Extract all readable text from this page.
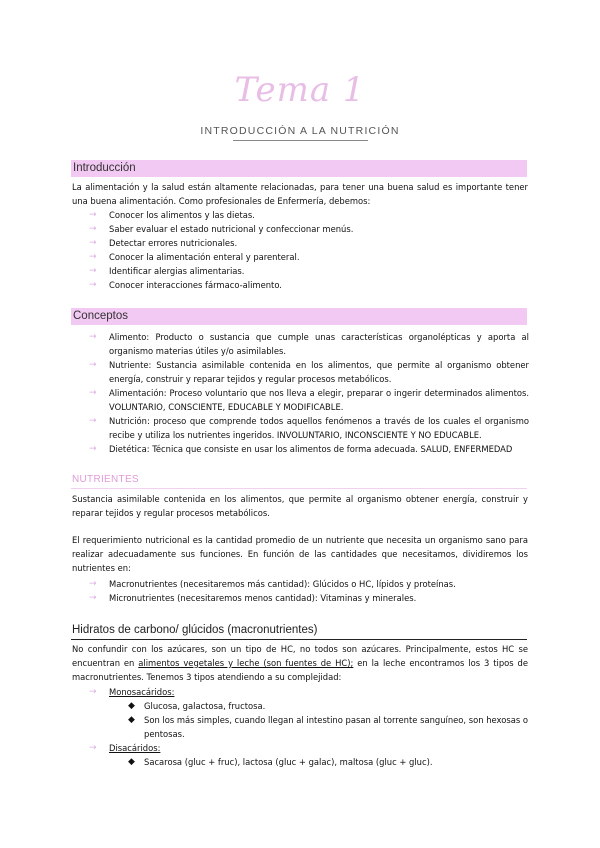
Tema 1
INTRODUCCIÓN A LA NUTRICIÓN
Introducción
La alimentación y la salud están altamente relacionadas, para tener una buena salud es importante tener una buena alimentación. Como profesionales de Enfermería, debemos:
→ Conocer los alimentos y las dietas.
→ Saber evaluar el estado nutricional y confeccionar menús.
→ Detectar errores nutricionales.
→ Conocer la alimentación enteral y parenteral.
→ Identificar alergias alimentarias.
→ Conocer interacciones fármaco-alimento.
Conceptos
→ Alimento: Producto o sustancia que cumple unas características organolépticas y aporta al organismo materias útiles y/o asimilables.
→ Nutriente: Sustancia asimilable contenida en los alimentos, que permite al organismo obtener energía, construir y reparar tejidos y regular procesos metabólicos.
→ Alimentación: Proceso voluntario que nos lleva a elegir, preparar o ingerir determinados alimentos. VOLUNTARIO, CONSCIENTE, EDUCABLE Y MODIFICABLE.
→ Nutrición: proceso que comprende todos aquellos fenómenos a través de los cuales el organismo recibe y utiliza los nutrientes ingeridos. INVOLUNTARIO, INCONSCIENTE Y NO EDUCABLE.
→ Dietética: Técnica que consiste en usar los alimentos de forma adecuada. SALUD, ENFERMEDAD
NUTRIENTES
Sustancia asimilable contenida en los alimentos, que permite al organismo obtener energía, construir y reparar tejidos y regular procesos metabólicos.
El requerimiento nutricional es la cantidad promedio de un nutriente que necesita un organismo sano para realizar adecuadamente sus funciones. En función de las cantidades que necesitamos, dividiremos los nutrientes en:
→ Macronutrientes (necesitaremos más cantidad): Glúcidos o HC, lípidos y proteínas.
→ Micronutrientes (necesitaremos menos cantidad): Vitaminas y minerales.
Hidratos de carbono/ glúcidos (macronutrientes)
No confundir con los azúcares, son un tipo de HC, no todos son azúcares. Principalmente, estos HC se encuentran en alimentos vegetales y leche (son fuentes de HC); en la leche encontramos los 3 tipos de macronutrientes. Tenemos 3 tipos atendiendo a su complejidad:
→ Monosacáridos:
◆ Glucosa, galactosa, fructosa.
◆ Son los más simples, cuando llegan al intestino pasan al torrente sanguíneo, son hexosas o pentosas.
→ Disacáridos:
◆ Sacarosa (gluc + fruc), lactosa (gluc + galac), maltosa (gluc + gluc).
